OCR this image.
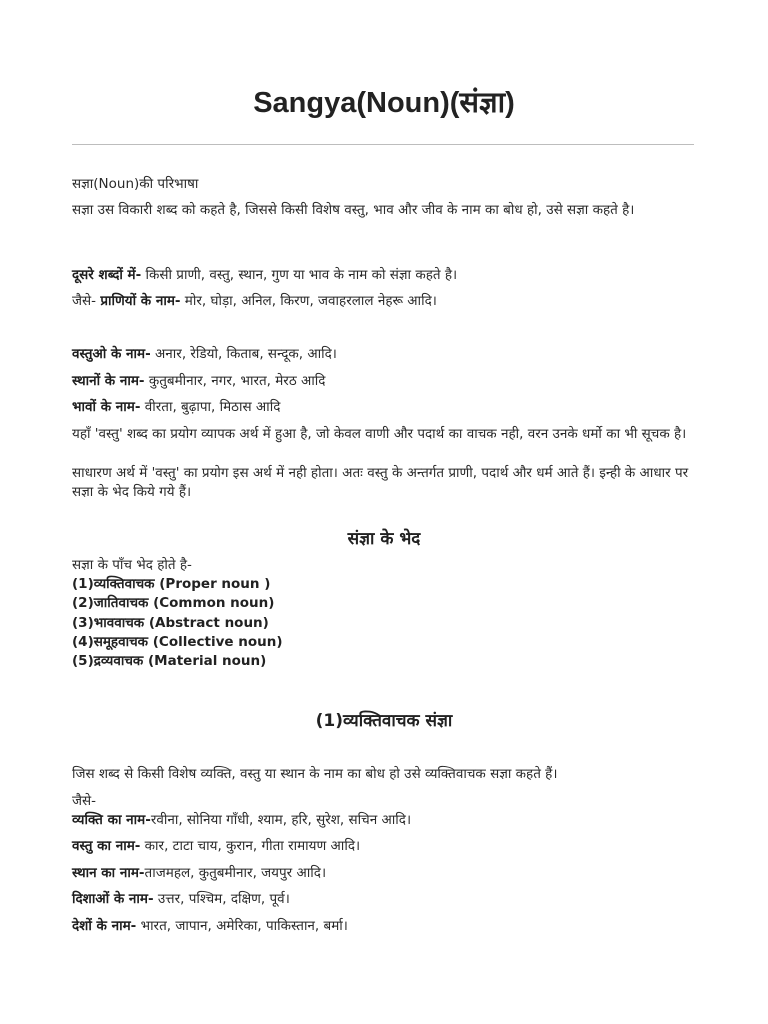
Sangya(Noun)(संज्ञा)

सज्ञा(Noun)की परिभाषा

सज्ञा उस विकारी शब्द को कहते है, जिससे किसी विशेष वस्तु, भाव और जीव के नाम का बोध हो, उसे सज्ञा कहते है।

दूसरे शब्दों में- किसी प्राणी, वस्तु, स्थान, गुण या भाव के नाम को संज्ञा कहते है।

जैसे- प्राणियों के नाम- मोर, घोड़ा, अनिल, किरण, जवाहरलाल नेहरू आदि।

वस्तुओ के नाम- अनार, रेडियो, किताब, सन्दूक, आदि।

स्थानों के नाम- कुतुबमीनार, नगर, भारत, मेरठ आदि

भावों के नाम- वीरता, बुढ़ापा, मिठास आदि

यहाँ 'वस्तु' शब्द का प्रयोग व्यापक अर्थ में हुआ है, जो केवल वाणी और पदार्थ का वाचक नही, वरन उनके धर्मो का भी सूचक है।

साधारण अर्थ में 'वस्तु' का प्रयोग इस अर्थ में नही होता। अतः वस्तु के अन्तर्गत प्राणी, पदार्थ और धर्म आते हैं। इन्ही के आधार पर सज्ञा के भेद किये गये हैं।

संज्ञा के भेद

सज्ञा के पाँच भेद होते है-

(1)व्यक्तिवाचक (Proper noun )

(2)जातिवाचक (Common noun)

(3)भाववाचक (Abstract noun)

(4)समूहवाचक (Collective noun)

(5)द्रव्यवाचक (Material noun)

(1)व्यक्तिवाचक संज्ञा

जिस शब्द से किसी विशेष व्यक्ति, वस्तु या स्थान के नाम का बोध हो उसे व्यक्तिवाचक सज्ञा कहते हैं।

जैसे-

व्यक्ति का नाम-रवीना, सोनिया गाँधी, श्याम, हरि, सुरेश, सचिन आदि।

वस्तु का नाम- कार, टाटा चाय, कुरान, गीता रामायण आदि।

स्थान का नाम-ताजमहल, कुतुबमीनार, जयपुर आदि।

दिशाओं के नाम- उत्तर, पश्चिम, दक्षिण, पूर्व।

देशों के नाम- भारत, जापान, अमेरिका, पाकिस्तान, बर्मा।
